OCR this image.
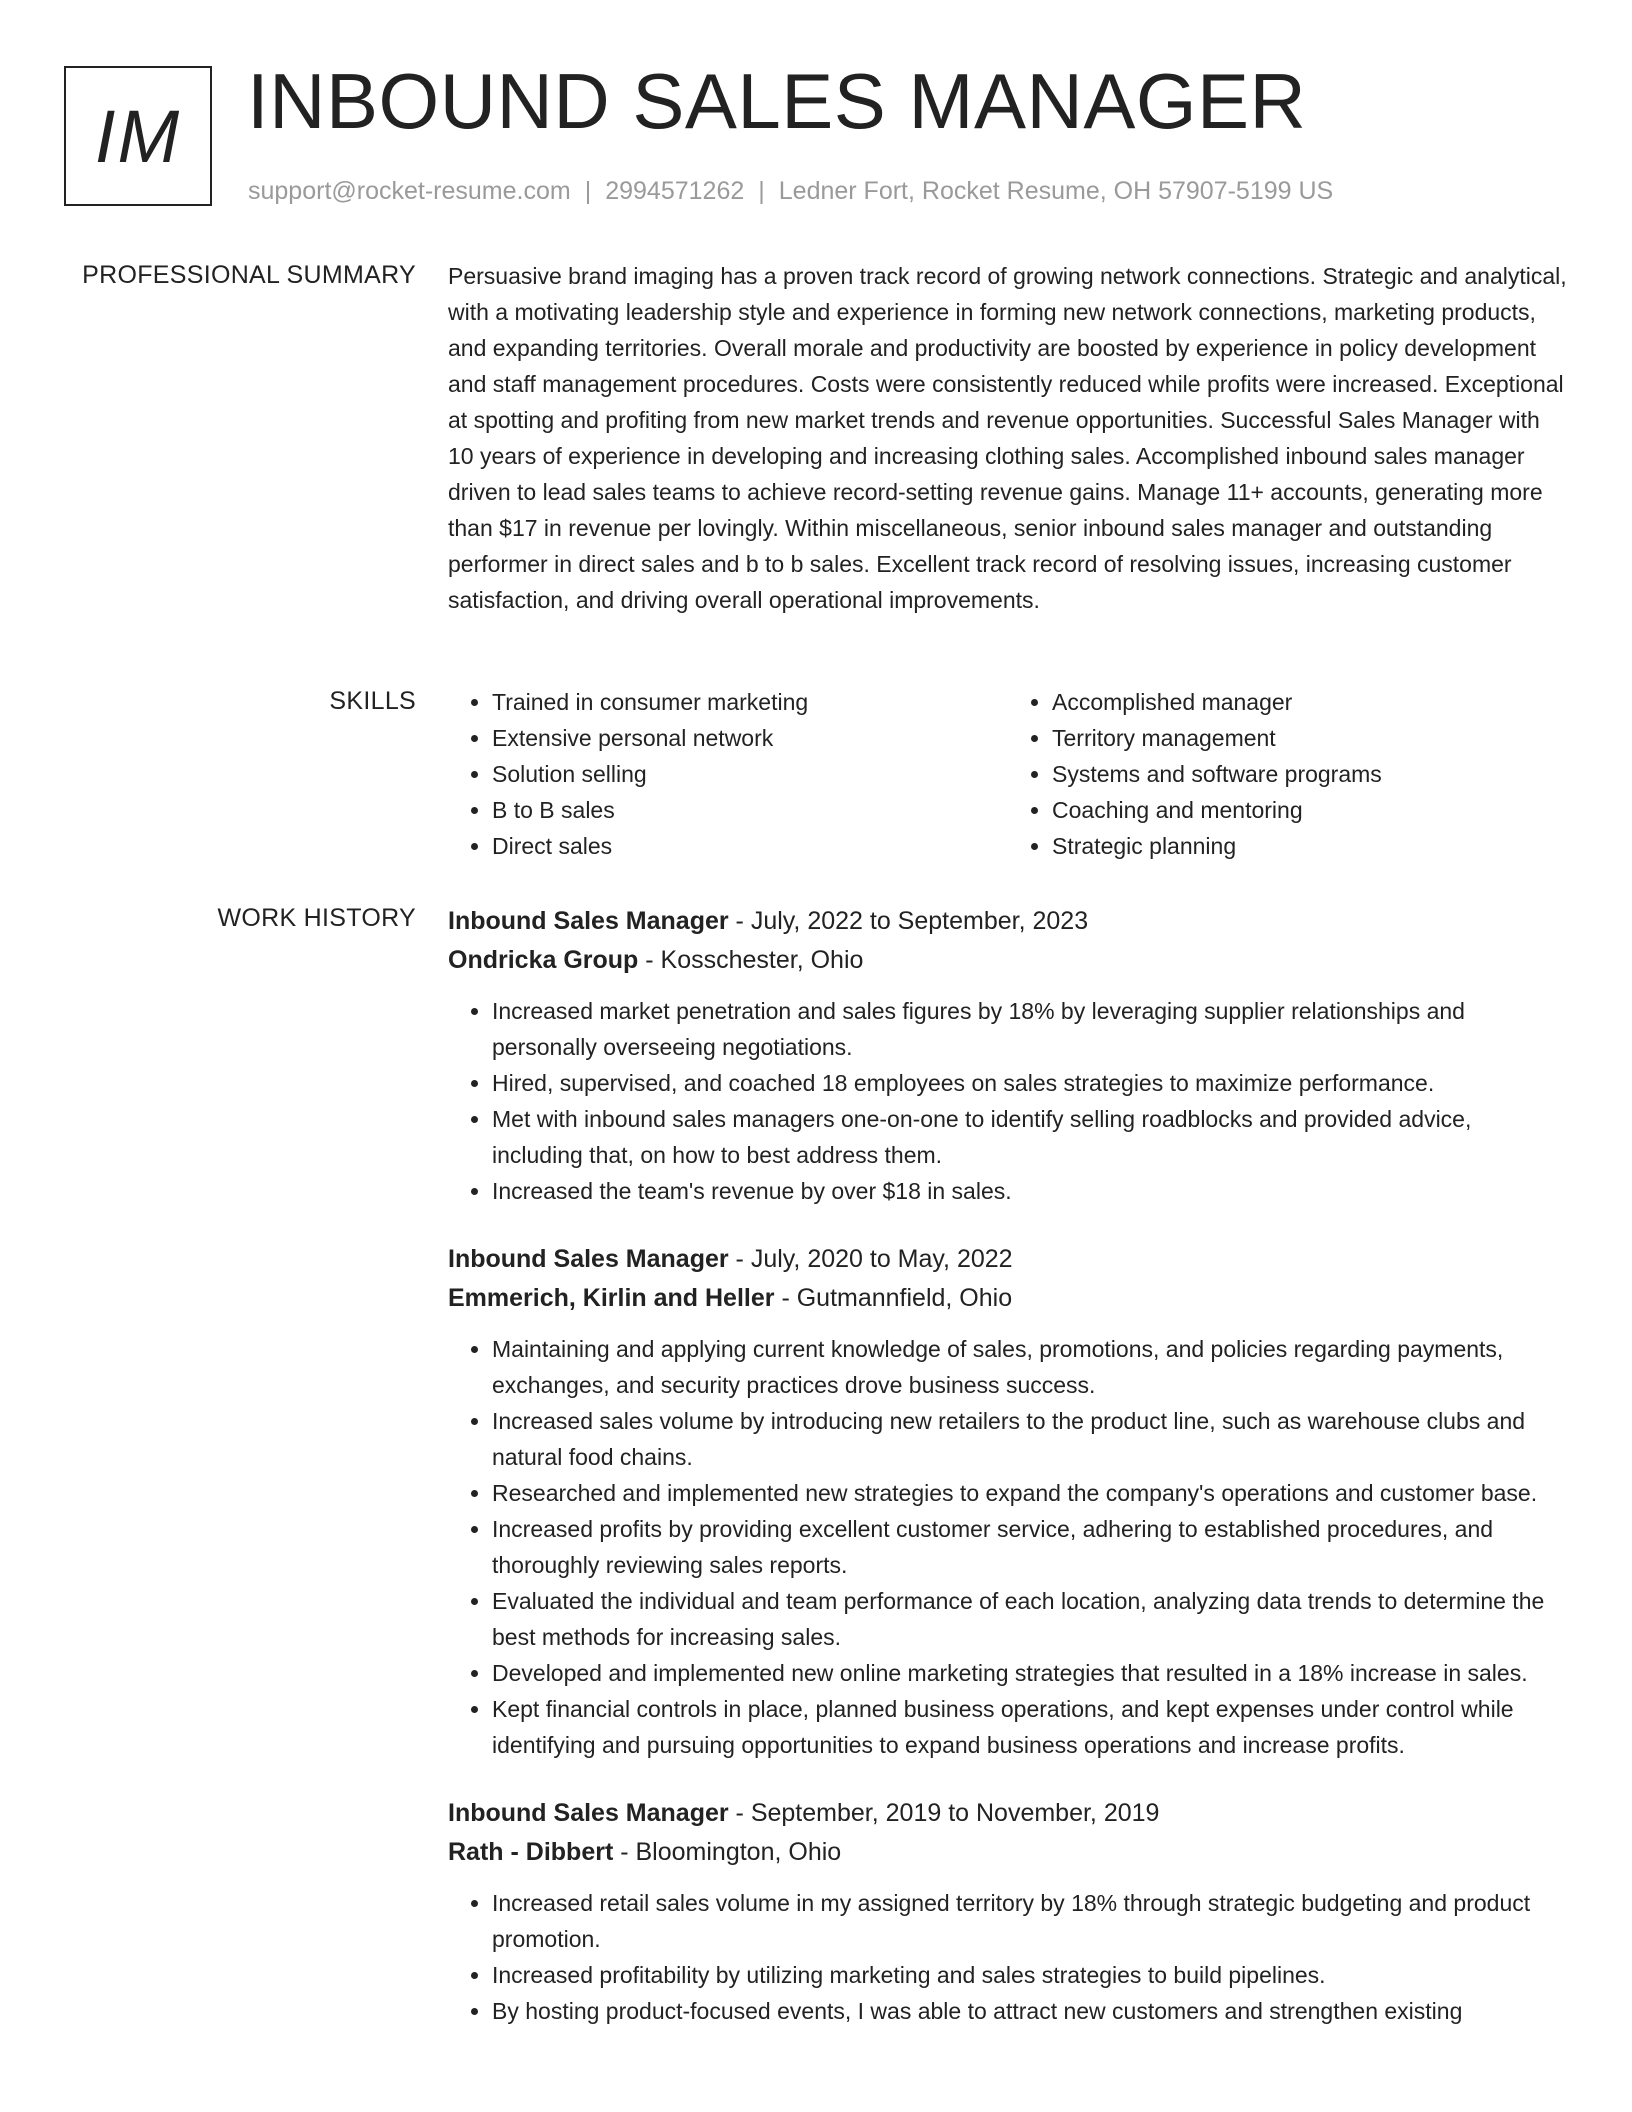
IM INBOUND SALES MANAGER
support@rocket-resume.com | 2994571262 | Ledner Fort, Rocket Resume, OH 57907-5199 US
PROFESSIONAL SUMMARY Persuasive brand imaging has a proven track record of growing network connections. Strategic and analytical, with a motivating leadership style and experience in forming new network connections, marketing products, and expanding territories. Overall morale and productivity are boosted by experience in policy development and staff management procedures. Costs were consistently reduced while profits were increased. Exceptional at spotting and profiting from new market trends and revenue opportunities. Successful Sales Manager with 10 years of experience in developing and increasing clothing sales. Accomplished inbound sales manager driven to lead sales teams to achieve record-setting revenue gains. Manage 11+ accounts, generating more than $17 in revenue per lovingly. Within miscellaneous, senior inbound sales manager and outstanding performer in direct sales and b to b sales. Excellent track record of resolving issues, increasing customer satisfaction, and driving overall operational improvements.

SKILLS
•	Trained in consumer marketing
• Extensive personal network
• Solution selling
• B to B sales
• Direct sales
• Accomplished manager
• Territory management
• Systems and software programs
• Coaching and mentoring
• Strategic planning
WORK HISTORY Inbound Sales Manager - July, 2022 to September, 2023
Ondricka Group - Kosschester, Ohio
• Increased market penetration and sales figures by 18% by leveraging supplier relationships and personally overseeing negotiations.
• Hired, supervised, and coached 18 employees on sales strategies to maximize performance.
• Met with inbound sales managers one-on-one to identify selling roadblocks and provided advice, including that, on how to best address them.
• Increased the team's revenue by over $18 in sales.
Inbound Sales Manager - July, 2020 to May, 2022
Emmerich, Kirlin and Heller - Gutmannfield, Ohio
• Maintaining and applying current knowledge of sales, promotions, and policies regarding payments, exchanges, and security practices drove business success.
• Increased sales volume by introducing new retailers to the product line, such as warehouse clubs and natural food chains.
• Researched and implemented new strategies to expand the company's operations and customer base.
• Increased profits by providing excellent customer service, adhering to established procedures, and thoroughly reviewing sales reports.
• Evaluated the individual and team performance of each location, analyzing data trends to determine the best methods for increasing sales.
• Developed and implemented new online marketing strategies that resulted in a 18% increase in sales.
• Kept financial controls in place, planned business operations, and kept expenses under control while identifying and pursuing opportunities to expand business operations and increase profits.
Inbound Sales Manager - September, 2019 to November, 2019
Rath - Dibbert - Bloomington, Ohio
• Increased retail sales volume in my assigned territory by 18% through strategic budgeting and product promotion.
• Increased profitability by utilizing marketing and sales strategies to build pipelines.
• By hosting product-focused events, I was able to attract new customers and strengthen existing
